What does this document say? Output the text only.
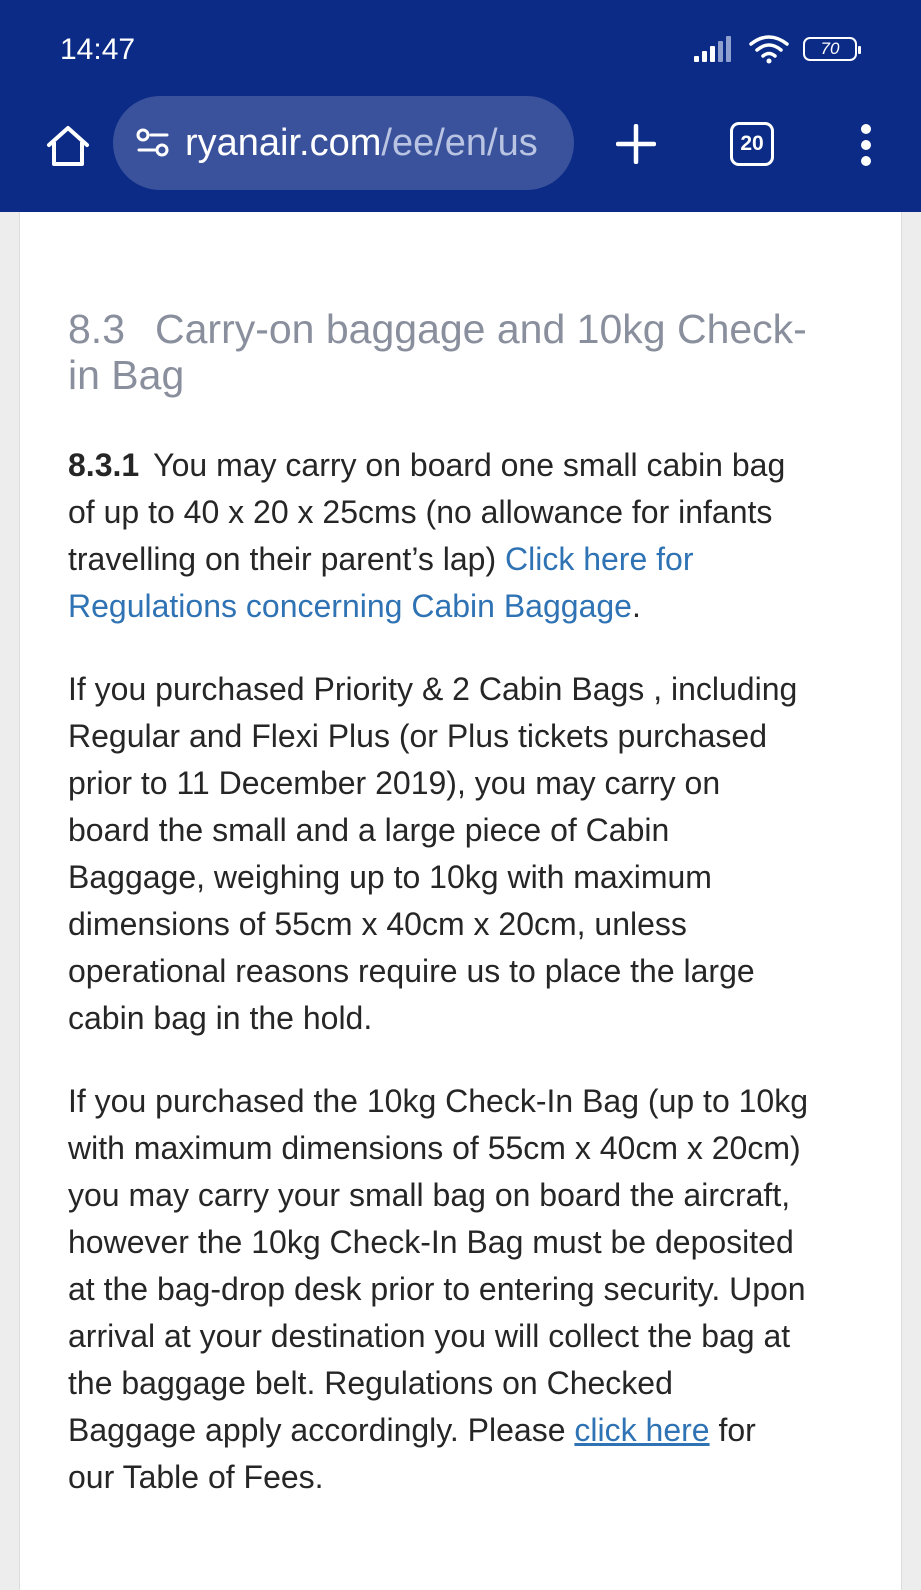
14:47	70
ryanair.com/ee/en/us	20
8.3 Carry-on baggage and 10kg Check-in Bag

8.3.1 You may carry on board one small cabin bag of up to 40 x 20 x 25cms (no allowance for infants travelling on their parent’s lap) Click here for Regulations concerning Cabin Baggage.

If you purchased Priority & 2 Cabin Bags , including Regular and Flexi Plus (or Plus tickets purchased prior to 11 December 2019), you may carry on board the small and a large piece of Cabin Baggage, weighing up to 10kg with maximum dimensions of 55cm x 40cm x 20cm, unless operational reasons require us to place the large cabin bag in the hold.

If you purchased the 10kg Check-In Bag (up to 10kg with maximum dimensions of 55cm x 40cm x 20cm) you may carry your small bag on board the aircraft, however the 10kg Check-In Bag must be deposited at the bag-drop desk prior to entering security. Upon arrival at your destination you will collect the bag at the baggage belt. Regulations on Checked Baggage apply accordingly. Please click here for our Table of Fees.
